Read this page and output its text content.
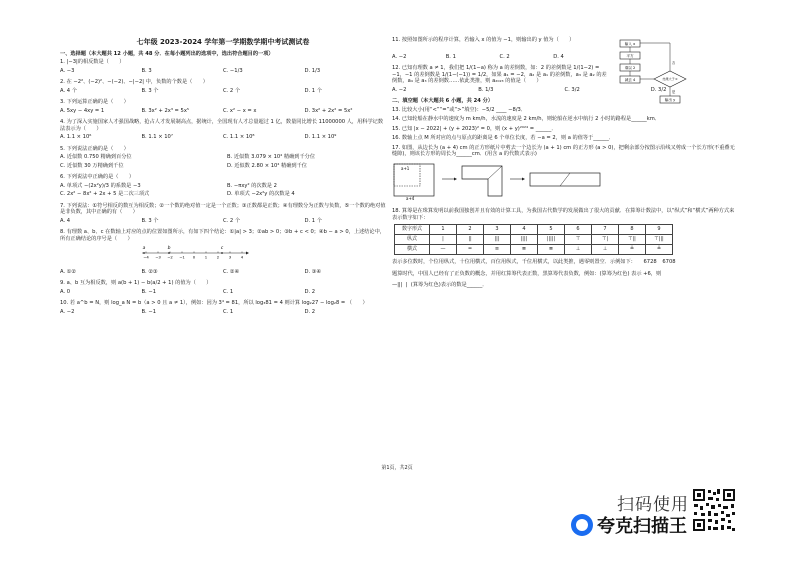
七年级 2023-2024 学年第一学期数学期中考试测试卷
一、选择题（本大题共 12 小题，共 48 分．在每小题列出的选项中，选出符合题目的一项）
1. |−3|的相反数是（　　）
A. −3	B. 3	C. −1/3	D. 1/3
2. 在 −2²、(−2)²、−(−2)、−|−2| 中，负数的个数是（　　）
A. 4 个	B. 3 个	C. 2 个	D. 1 个
3. 下列运算正确的是（　　）
A. 5xy − 4xy = 1	B. 3x² + 2x³ = 5x⁵	C. x² − x = x	D. 3x² + 2x² = 5x²
4. 为了深入实施国家人才强国战略，抢占人才发展制高点，据统计，全国现有人才总量超过 1 亿，数量同比增长 11000000 人，用科学记数法表示为（　　）
A. 1.1 × 10⁶	B. 1.1 × 10⁷	C. 1.1 × 10⁸	D. 1.1 × 10⁹
5. 下列说法正确的是（　　）
A. 近似数 0.750 精确到百分位	B. 近似数 3.079 × 10⁴ 精确到千分位
C. 近似数 30 万精确到千位	D. 近似数 2.80 × 10⁴ 精确到千位
6. 下列说法中正确的是（　　）
A. 单项式 −(2x²y)/3 的系数是 −3	B. −πxy² 的次数是 2
C. 2x² − 8x² + 2x + 5 是二次三项式	D. 单项式 −2x²y 的次数是 4
7. 下列说法：①符号相反的数互为相反数；②一个数的绝对值一定是一个正数；③正数都是正数；④有理数分为正数与负数，⑤一个数的绝对值是非负数，其中正确的有（　　）
A. 4	B. 3 个	C. 2 个	D. 1 个
8. 有理数 a、b、c 在数轴上对应的点的位置如图所示，有如下四个结论：①|a| > 3；②ab > 0；③b + c < 0；④b − a > 0，上述结论中，所有正确结论的序号是（　　）
−4 −3 −2 −1 0	1	2	3	4
a	b	c
A. ①②	B. ②③	C. ②④	D. ③④
9. a、b 互为相反数，则 a(b + 1) − b(a/2 + 1) 的值为（　　）
A. 0	B. −1	C. 1	D. 2
10. 若 a^b = N，则 log_a N = b（a > 0 且 a ≠ 1），例如：因为 3⁴ = 81，所以 log₃81 = 4 则计算 log₂27 − log₂8 = （　　）
A. −2	B. −1	C. 1	D. 2
11. 按照如图所示的程序计算，若输入 x 的值为 −1，则输出的 y 值为（　　）
A. −2	B. 1	C. 2	D. 4
12. 已知有理数 a ≠ 1，我们把 1/(1−a) 称为 a 的差倒数，如：2 的差倒数是 1/(1−2) = −1，−1 的差倒数是 1/(1−(−1)) = 1/2，如果 a₁ = −2，a₂ 是 a₁ 的差倒数，a₃ 是 a₂ 的差倒数，a₄ 是 a₃ 的差倒数……依此类推，则 a₂₀₂₃ 的值是（　　）
A. −2	B. 1/3	C. 3/2	D. 3/2
二、填空题（本大题共 6 小题，共 24 分）
13. 比较大小(用“<”“=”或“>”填空)：−5/2 ____ −8/3．
14. 已知轮船在静水中的速度为 m km/h，水流的速度是 2 km/h，则轮船在逆水中航行 2 小时的路程是______km．
15. 已知 |x − 2022| + (y + 2023)² = 0，则 (x + y)²⁰²⁴ = ______．
16. 数轴上点 M 所对应的点与原点的距离是 6 个单位长度，若 −a = 2，则 a 的值等于______．
17. 如图，从边长为 (a + 4) cm 的正方形纸片中剪去一个边长为 (a + 1) cm 的正方形 (a > 0)，把剩余部分按图示沿线又剪成一个长方形(不重叠无缝隙)，则该长方形的周长为______cm．(用含 a 的代数式表示)
a+1
a+4
18. 算筹是在珠算发明以前我国独创并且有效的计算工具，为我国古代数学的发展做出了很大的贡献．在算筹计数法中，以“纵式”和“横式”两种方式来表示数字如下：
数字形式	1	2	3	4	5	6	7	8	9
纵式	|	||	|||	||||	|||||	⊤	⊤|	⊤||	⊤|||
横式	—	═	≡	≣	≣	⊥	⊥	╧	╧
表示多位数时，个位用纵式，十位用横式，百位用纵式，千位用横式，以此类推，遇零则置空．示例如下： 6728 6708
题算时代，中国人已经有了正负数的概念，并用红算筹代表正数，黑算筹代表负数，例如：(算筹为红色) 表示 +6，则
—|||  |  (算筹为红色)表示的数是______．
输入 x
平方
乘以 2
减去 4	结果大于 0
否
是
输出 y
第1页，共2页
扫码使用
夸克扫描王
